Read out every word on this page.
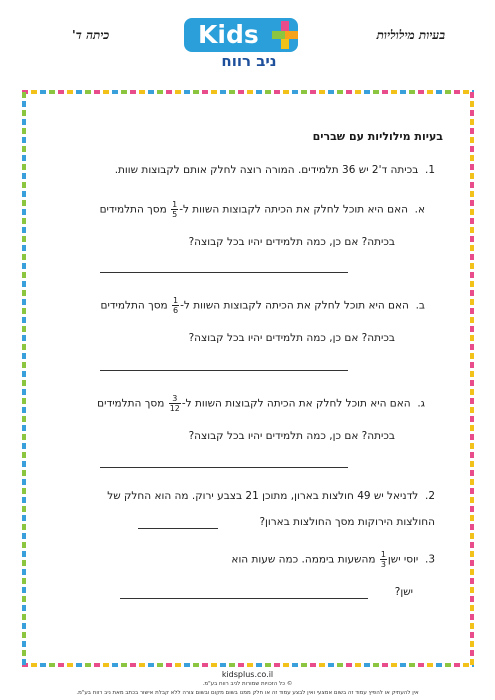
בעיות מילוליות
כיתה ד'	Kids
ניב רווח
בעיות מילוליות עם שברים
1.  בכיתה ד'2 יש 36 תלמידים. המורה רוצה לחלק אותם לקבוצות שוות.
א.  האם היא תוכל לחלק את הכיתה לקבוצות השוות ל-
$\frac{1}{5}$
מסך התלמידים
בכיתה? אם כן, כמה תלמידים יהיו בכל קבוצה?
ב.  האם היא תוכל לחלק את הכיתה לקבוצות השוות ל-
$\frac{1}{6}$
מסך התלמידים
בכיתה? אם כן, כמה תלמידים יהיו בכל קבוצה?
ג.  האם היא תוכל לחלק את הכיתה לקבוצות השוות ל-
$\frac{3}{12}$
מסך התלמידים
בכיתה? אם כן, כמה תלמידים יהיו בכל קבוצה?
2.  לדניאל יש 49 חולצות בארון, מתוכן 21 בצבע ירוק. מה הוא החלק של
החולצות הירוקות מסך החולצות בארון?
3.  יוסי ישן
$\frac{1}{3}$
מהשעות ביממה. כמה שעות הוא
ישן?
kidsplus.co.il
© כל הזכויות שמורות לניב רווח בע"מ.
אין להעתיק או להפיץ עמוד זה בשום אמצעי ואין לבצע עמוד זה או חלק ממנו בשום מקום ובשום צורה ללא קבלת אישור בכתב מאת ניב רווח בע"מ.
